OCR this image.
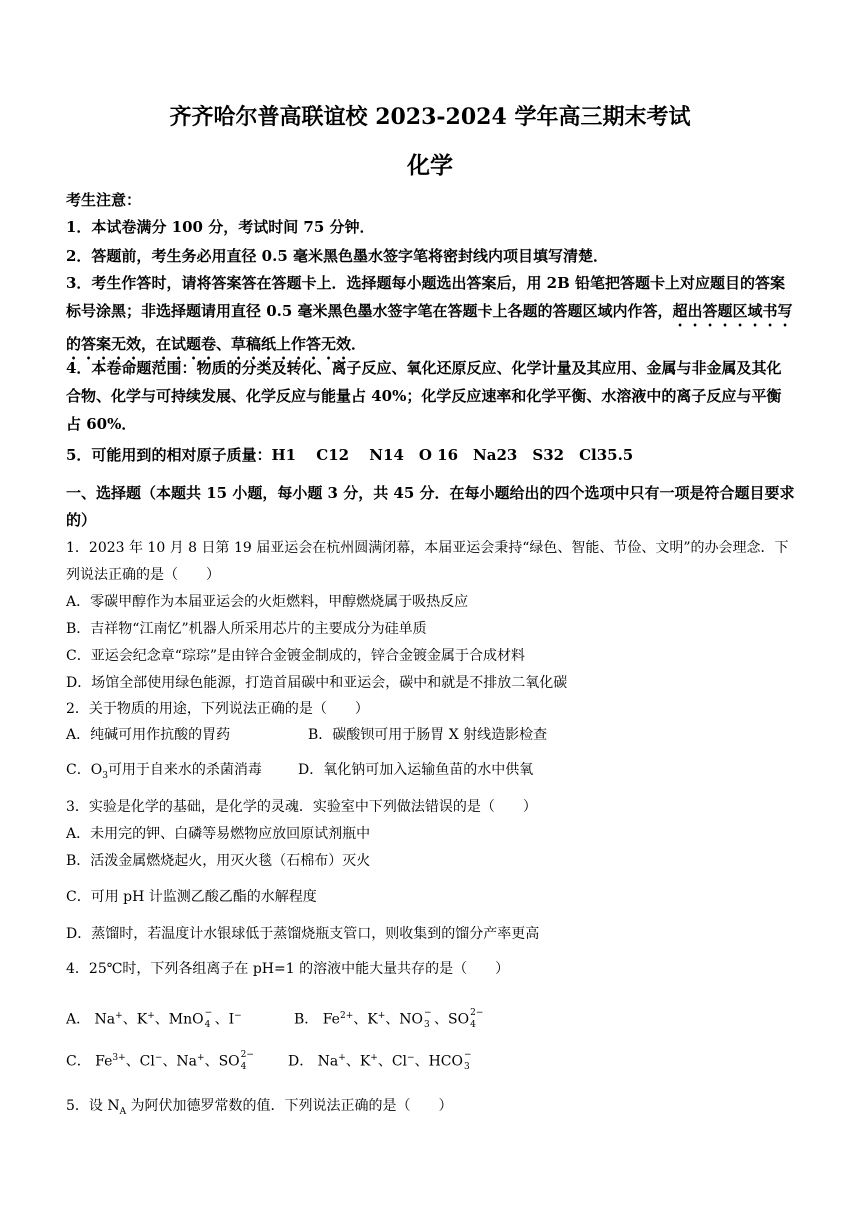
齐齐哈尔普高联谊校 2023-2024 学年高三期末考试
化学
考生注意：
1．本试卷满分 100 分，考试时间 75 分钟．
2．答题前，考生务必用直径 0.5 毫米黑色墨水签字笔将密封线内项目填写清楚．
3．考生作答时，请将答案答在答题卡上．选择题每小题选出答案后，用 2B 铅笔把答题卡上对应题目的答案标号涂黑；非选择题请用直径 0.5 毫米黑色墨水签字笔在答题卡上各题的答题区域内作答，超出答题区域书写的答案无效，在试题卷、草稿纸上作答无效．
4．本卷命题范围：物质的分类及转化、离子反应、氧化还原反应、化学计量及其应用、金属与非金属及其化合物、化学与可持续发展、化学反应与能量占 40%；化学反应速率和化学平衡、水溶液中的离子反应与平衡占 60%．
5．可能用到的相对原子质量：H1　 C12　 N14　O 16　Na23　S32　Cl35.5
一、选择题（本题共 15 小题，每小题 3 分，共 45 分．在每小题给出的四个选项中只有一项是符合题目要求的）

1．2023 年 10 月 8 日第 19 届亚运会在杭州圆满闭幕，本届亚运会秉持“绿色、智能、节俭、文明”的办会理念．下列说法正确的是（　　）

A．零碳甲醇作为本届亚运会的火炬燃料，甲醇燃烧属于吸热反应

B．吉祥物“江南忆”机器人所采用芯片的主要成分为硅单质

C．亚运会纪念章“琮琮”是由锌合金镀金制成的，锌合金镀金属于合成材料

D．场馆全部使用绿色能源，打造首届碳中和亚运会，碳中和就是不排放二氧化碳

2．关于物质的用途，下列说法正确的是（　　）

A．纯碱可用作抗酸的胃药	B．碳酸钡可用于肠胃 X 射线造影检查
C．$O_3$可用于自来水的杀菌消毒	D．氧化钠可加入运输鱼苗的水中供氧

3．实验是化学的基础，是化学的灵魂．实验室中下列做法错误的是（　　）

A．未用完的钾、白磷等易燃物应放回原试剂瓶中

B．活泼金属燃烧起火，用灭火毯（石棉布）灭火

C．可用 pH 计监测乙酸乙酯的水解程度
D．蒸馏时，若温度计水银球低于蒸馏烧瓶支管口，则收集到的馏分产率更高
4．25℃时，下列各组离子在 pH=1 的溶液中能大量共存的是（　　）
A． Na+、K+、MnO −
4 、I−	B． $Fe^{2+}$、K+、NO −
3 、SO 2−
4
C． $Fe^{3+}$、Cl−、Na+、SO 2−
4	D． Na+、K+、Cl−、HCO −
3
5．设 $N_A$ 为阿伏加德罗常数的值．下列说法正确的是（　　）
